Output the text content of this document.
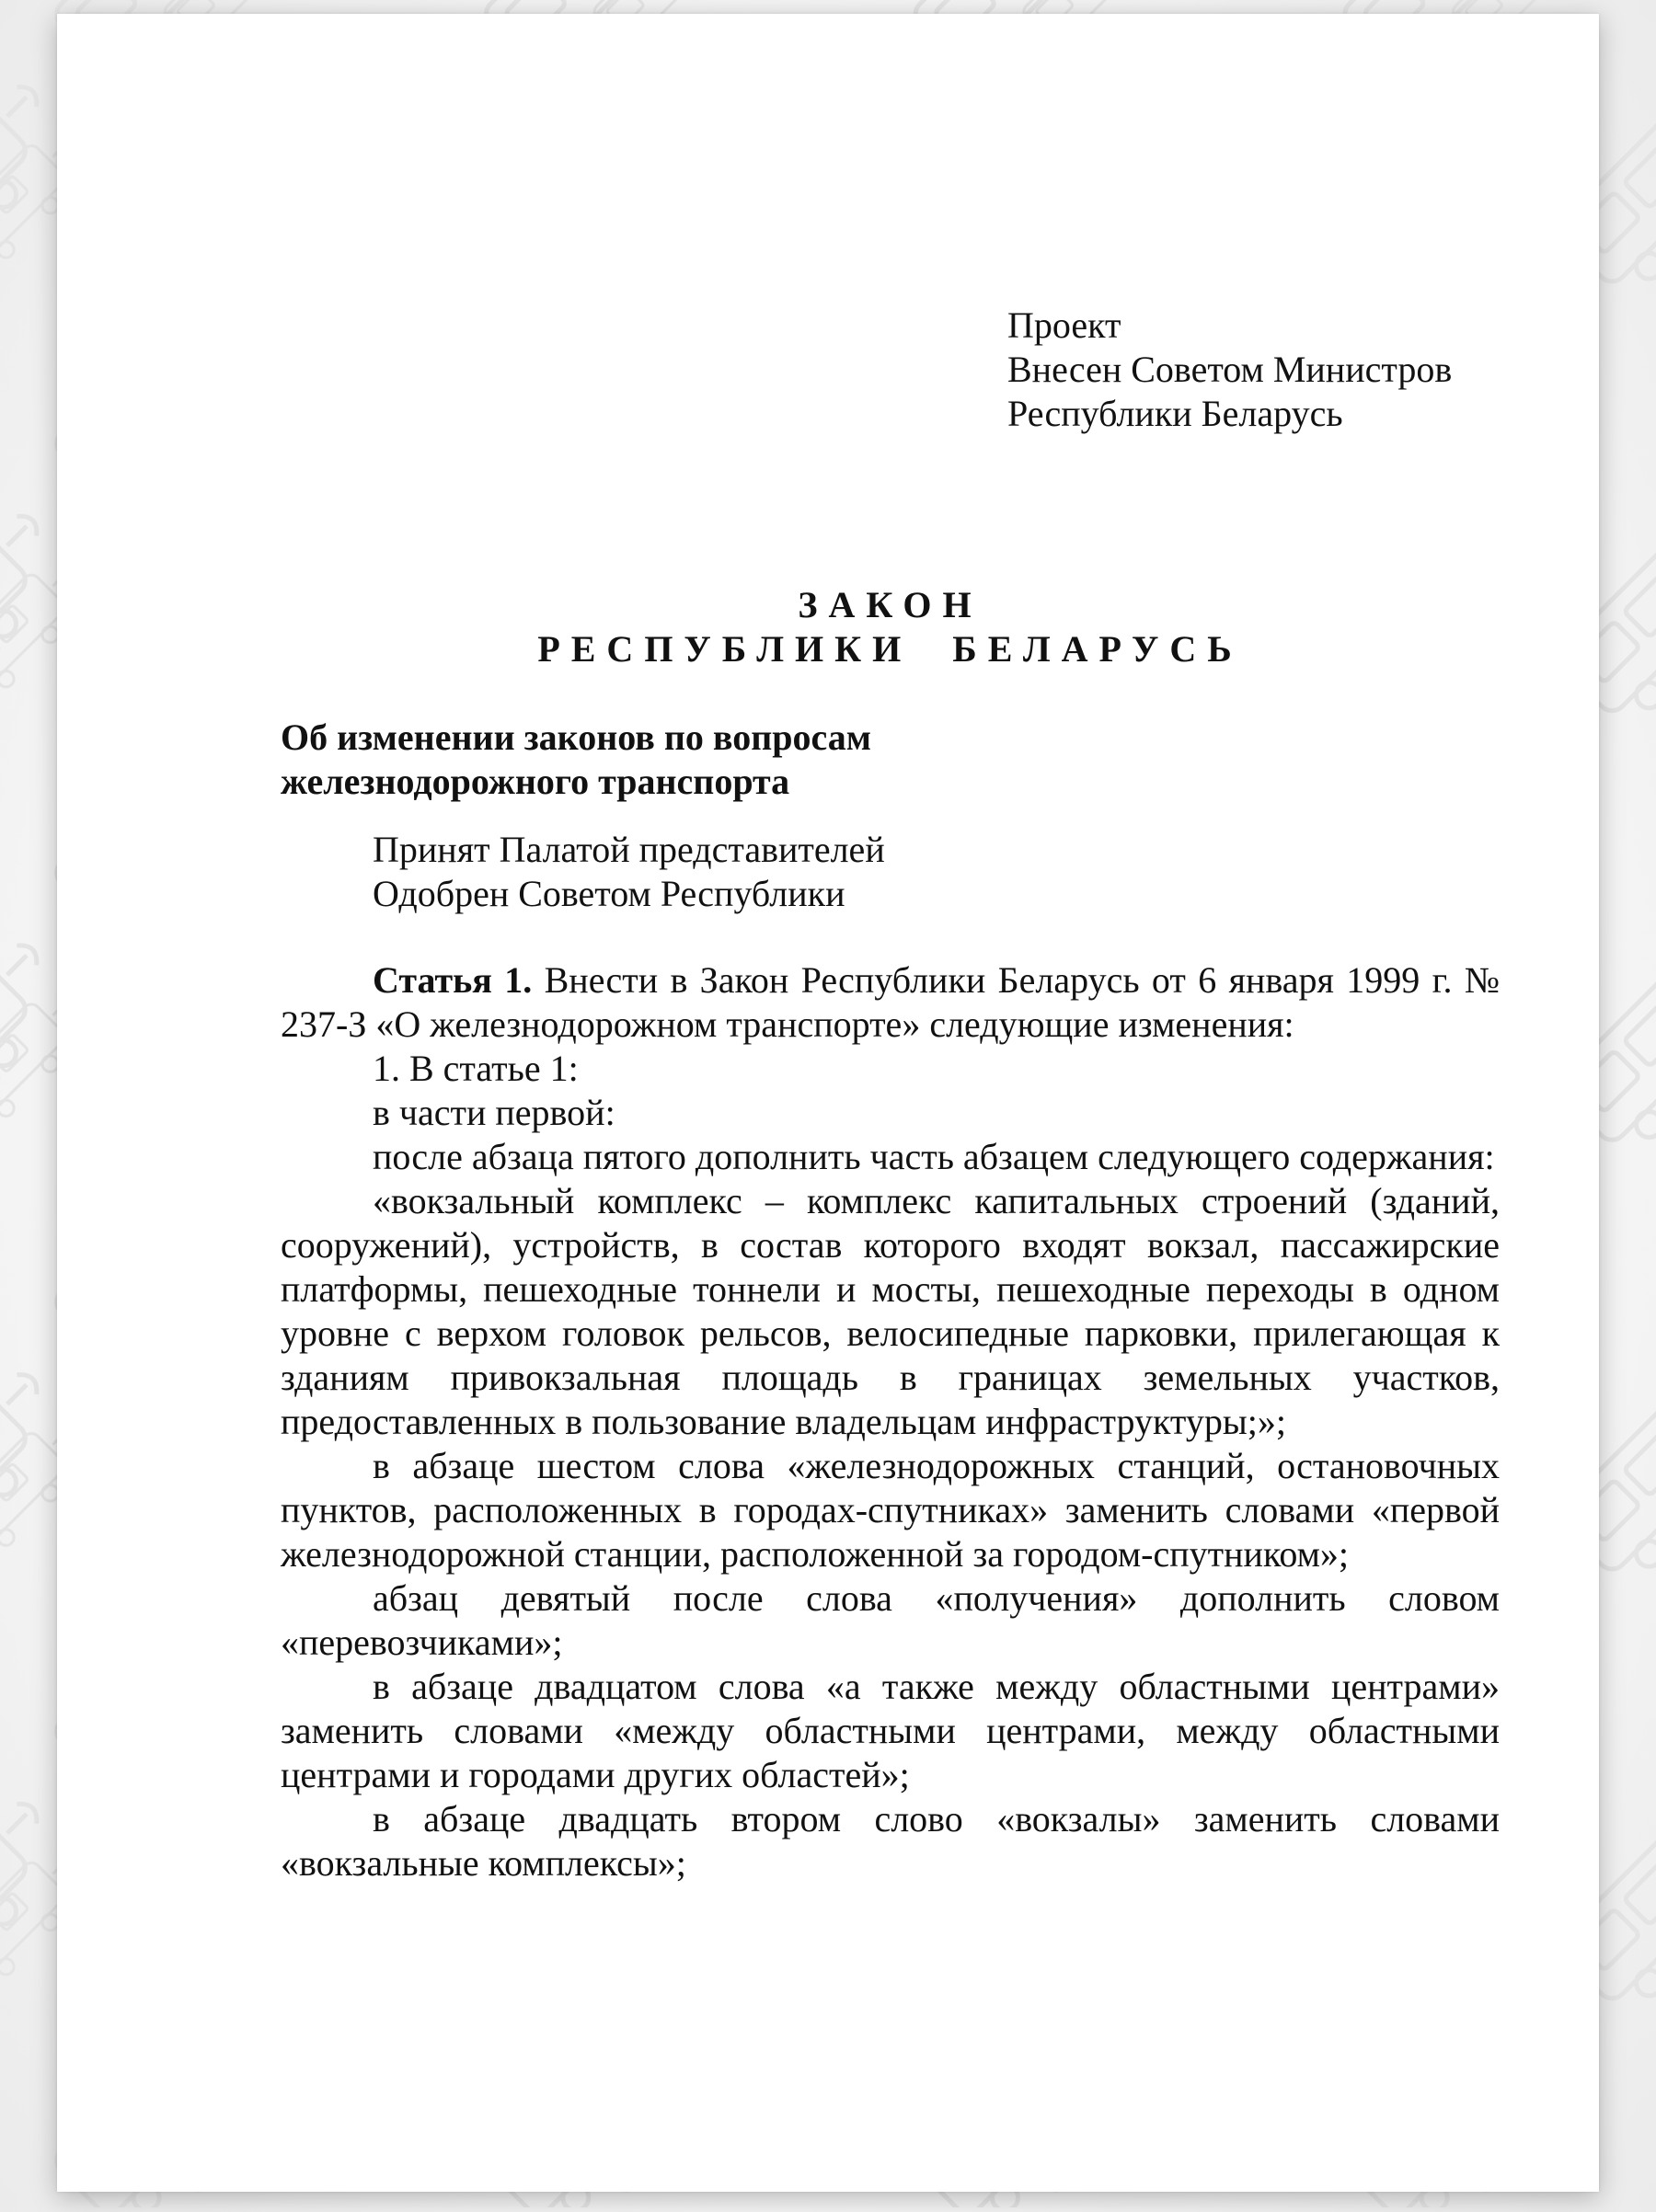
Проект
Внесен Советом Министров
Республики Беларусь
ЗАКОН
РЕСПУБЛИКИ БЕЛАРУСЬ
Об изменении законов по вопросам
железнодорожного транспорта
Принят Палатой представителей
Одобрен Советом Республики

Статья 1. Внести в Закон Республики Беларусь от 6 января 1999 г. № 237-З «О железнодорожном транспорте» следующие изменения:

1. В статье 1:

в части первой:

после абзаца пятого дополнить часть абзацем следующего содержания:

«вокзальный комплекс – комплекс капитальных строений (зданий, сооружений), устройств, в состав которого входят вокзал, пассажирские платформы, пешеходные тоннели и мосты, пешеходные переходы в одном уровне с верхом головок рельсов, велосипедные парковки, прилегающая к зданиям привокзальная площадь в границах земельных участков, предоставленных в пользование владельцам инфраструктуры;»;

в абзаце шестом слова «железнодорожных станций, остановочных пунктов, расположенных в городах-спутниках» заменить словами «первой железнодорожной станции, расположенной за городом-спутником»;

абзац девятый после слова «получения» дополнить словом «перевозчиками»;

в абзаце двадцатом слова «а также между областными центрами» заменить словами «между областными центрами, между областными центрами и городами других областей»;

в абзаце двадцать втором слово «вокзалы» заменить словами «вокзальные комплексы»;
